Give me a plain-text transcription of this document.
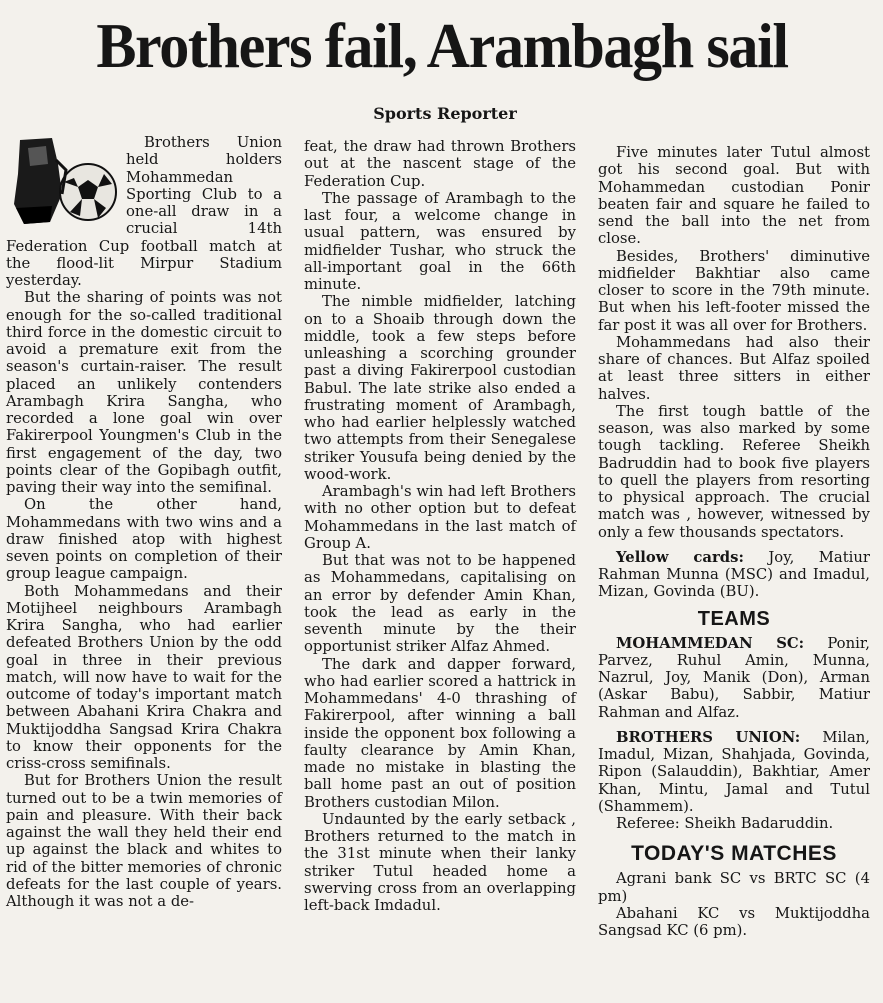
Brothers fail, Arambagh sail
Sports Reporter

Brothers Union held holders Mohammedan Sporting Club to a one-all draw in a crucial 14th Federation Cup football match at the flood-lit Mirpur Stadium yesterday.

But the sharing of points was not enough for the so-called traditional third force in the domestic circuit to avoid a premature exit from the season's curtain-raiser. The result placed an unlikely contenders Arambagh Krira Sangha, who recorded a lone goal win over Fakirerpool Youngmen's Club in the first engagement of the day, two points clear of the Gopibagh outfit, paving their way into the semifinal.

On the other hand, Mohammedans with two wins and a draw finished atop with highest seven points on completion of their group league campaign.

Both Mohammedans and their Motijheel neighbours Arambagh Krira Sangha, who had earlier defeated Brothers Union by the odd goal in three in their previous match, will now have to wait for the outcome of today's important match between Abahani Krira Chakra and Muktijoddha Sangsad Krira Chakra to know their opponents for the criss-cross semifinals.

But for Brothers Union the result turned out to be a twin memories of pain and pleasure. With their back against the wall they held their end up against the black and whites to rid of the bitter memories of chronic defeats for the last couple of years. Although it was not a de-

feat, the draw had thrown Brothers out at the nascent stage of the Federation Cup.

The passage of Arambagh to the last four, a welcome change in usual pattern, was ensured by midfielder Tushar, who struck the all-important goal in the 66th minute.

The nimble midfielder, latching on to a Shoaib through down the middle, took a few steps before unleashing a scorching grounder past a diving Fakirerpool custodian Babul. The late strike also ended a frustrating moment of Arambagh, who had earlier helplessly watched two attempts from their Senegalese striker Yousufa being denied by the wood-work.

Arambagh's win had left Brothers with no other option but to defeat Mohammedans in the last match of Group A.

But that was not to be happened as Mohammedans, capitalising on an error by defender Amin Khan, took the lead as early in the seventh minute by the their opportunist striker Alfaz Ahmed.

The dark and dapper forward, who had earlier scored a hattrick in Mohammedans' 4-0 thrashing of Fakirerpool, after winning a ball inside the opponent box following a faulty clearance by Amin Khan, made no mistake in blasting the ball home past an out of position Brothers custodian Milon.

Undaunted by the early setback , Brothers returned to the match in the 31st minute when their lanky striker Tutul headed home a swerving cross from an overlapping left-back Imdadul.

Five minutes later Tutul almost got his second goal. But with Mohammedan custodian Ponir beaten fair and square he failed to send the ball into the net from close.

Besides, Brothers' diminutive midfielder Bakhtiar also came closer to score in the 79th minute. But when his left-footer missed the far post it was all over for Brothers.

Mohammedans had also their share of chances. But Alfaz spoiled at least three sitters in either halves.

The first tough battle of the season, was also marked by some tough tackling. Referee Sheikh Badruddin had to book five players to quell the players from resorting to physical approach. The crucial match was , however, witnessed by only a few thousands spectators.

Yellow cards: Joy, Matiur Rahman Munna (MSC) and Imadul, Mizan, Govinda (BU).

TEAMS

MOHAMMEDAN SC: Ponir, Parvez, Ruhul Amin, Munna, Nazrul, Joy, Manik (Don), Arman (Askar Babu), Sabbir, Matiur Rahman and Alfaz.

BROTHERS UNION: Milan, Imadul, Mizan, Shahjada, Govinda, Ripon (Salauddin), Bakhtiar, Amer Khan, Mintu, Jamal and Tutul (Shammem).

Referee: Sheikh Badaruddin.

TODAY'S MATCHES

Agrani bank SC vs BRTC SC (4 pm)

Abahani KC vs Muktijoddha Sangsad KC (6 pm).
